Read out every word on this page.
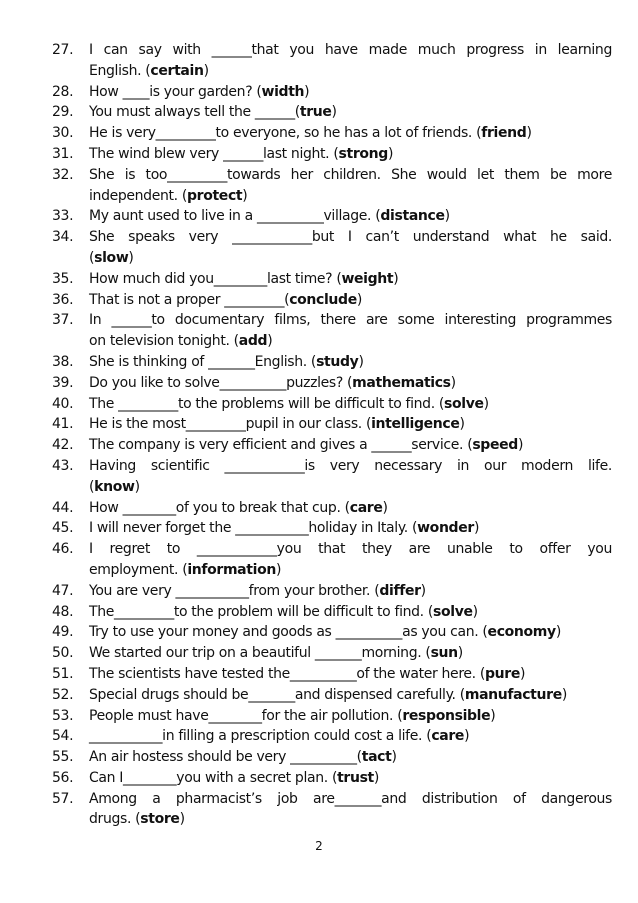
27.	I can say with ______that you have made much progress in learning
English. (certain)
28.	How ____is your garden? (width)
29.	You must always tell the ______(true)
30.	He is very_________to everyone, so he has a lot of friends. (friend)
31.	The wind blew very ______last night. (strong)
32.	She is too_________towards her children. She would let them be more
independent. (protect)
33.	My aunt used to live in a __________village. (distance)
34.	She speaks very ____________but I can’t understand what he said.
(slow)
35.	How much did you________last time? (weight)
36.	That is not a proper _________(conclude)
37.	In ______to documentary films, there are some interesting programmes
on television tonight. (add)
38.	She is thinking of _______English. (study)
39.	Do you like to solve__________puzzles? (mathematics)
40.	The _________to the problems will be difficult to find. (solve)
41.	He is the most_________pupil in our class. (intelligence)
42.	The company is very efficient and gives a ______service. (speed)
43.	Having scientific ____________is very necessary in our modern life.
(know)
44.	How ________of you to break that cup. (care)
45.	I will never forget the ___________holiday in Italy. (wonder)
46.	I regret to ____________you that they are unable to offer you
employment. (information)
47.	You are very ___________from your brother. (differ)
48.	The_________to the problem will be difficult to find. (solve)
49.	Try to use your money and goods as __________as you can. (economy)
50.	We started our trip on a beautiful _______morning. (sun)
51.	The scientists have tested the__________of the water here. (pure)
52.	Special drugs should be_______and dispensed carefully. (manufacture)
53.	People must have________for the air pollution. (responsible)
54.	___________in filling a prescription could cost a life. (care)
55.	An air hostess should be very __________(tact)
56.	Can I________you with a secret plan. (trust)
57.	Among a pharmacist’s job are_______and distribution of dangerous
drugs. (store)
2
